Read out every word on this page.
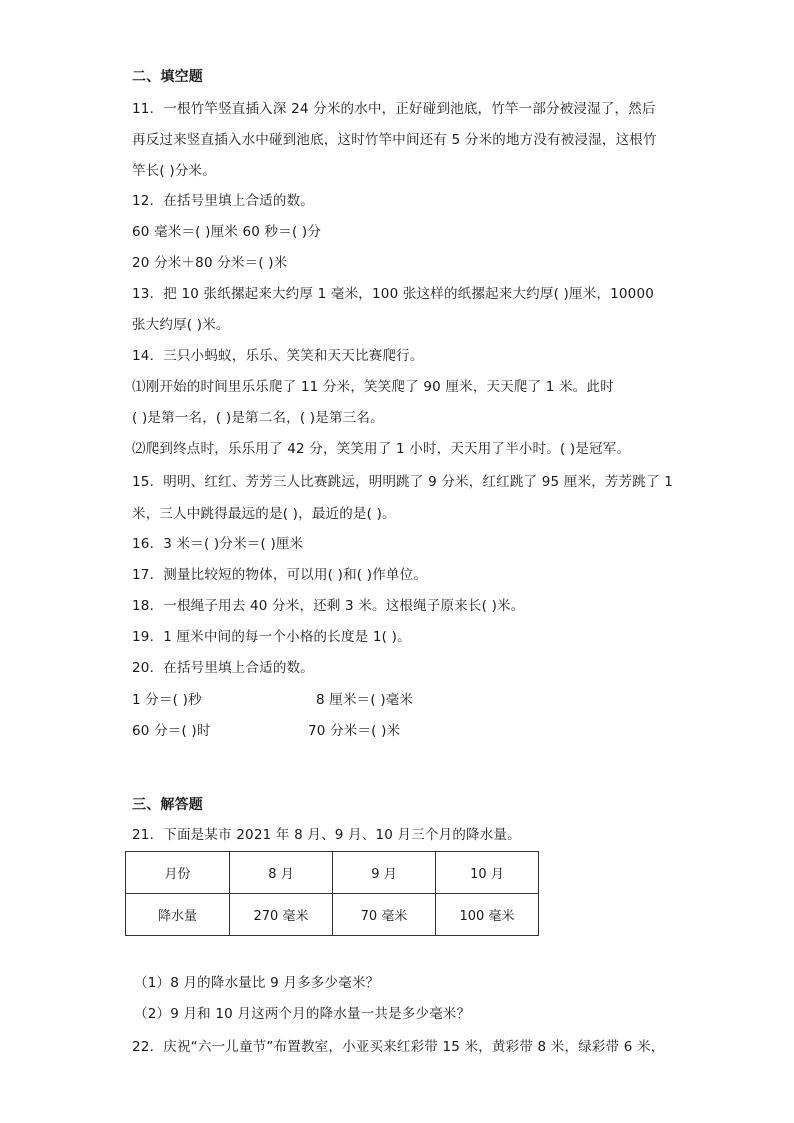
二、填空题
11．一根竹竿竖直插入深 24 分米的水中，正好碰到池底，竹竿一部分被浸湿了，然后
再反过来竖直插入水中碰到池底，这时竹竿中间还有 5 分米的地方没有被浸湿，这根竹
竿长( )分米。
12．在括号里填上合适的数。
60 毫米＝( )厘米 60 秒＝( )分
20 分米＋80 分米＝( )米
13．把 10 张纸摞起来大约厚 1 毫米，100 张这样的纸摞起来大约厚( )厘米，10000
张大约厚( )米。
14．三只小蚂蚁，乐乐、笑笑和天天比赛爬行。
⑴刚开始的时间里乐乐爬了 11 分米，笑笑爬了 90 厘米，天天爬了 1 米。此时
( )是第一名，( )是第二名，( )是第三名。
⑵爬到终点时，乐乐用了 42 分，笑笑用了 1 小时，天天用了半小时。( )是冠军。
15．明明、红红、芳芳三人比赛跳远，明明跳了 9 分米，红红跳了 95 厘米，芳芳跳了 1
米，三人中跳得最远的是( )，最近的是( )。
16．3 米＝( )分米＝( )厘米
17．测量比较短的物体，可以用( )和( )作单位。
18．一根绳子用去 40 分米，还剩 3 米。这根绳子原来长( )米。
19．1 厘米中间的每一个小格的长度是 1( )。
20．在括号里填上合适的数。
1 分＝( )秒	8 厘米＝( )毫米
60 分＝( )时	70 分米＝( )米
三、解答题
21．下面是某市 2021 年 8 月、9 月、10 月三个月的降水量。
月份	8 月	9 月	10 月
降水量	270 毫米	70 毫米	100 毫米
（1）8 月的降水量比 9 月多多少毫米？
（2）9 月和 10 月这两个月的降水量一共是多少毫米？
22．庆祝“六一儿童节”布置教室，小亚买来红彩带 15 米，黄彩带 8 米，绿彩带 6 米，
